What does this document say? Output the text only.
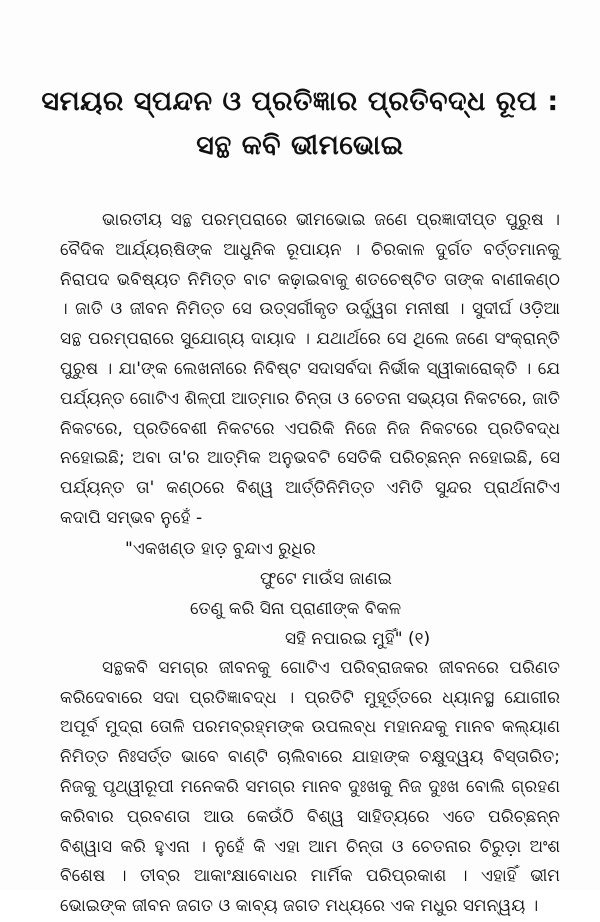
ସମୟର ସ୍ପନ୍ଦନ ଓ ପ୍ରତିଜ୍ଞାର ପ୍ରତିବଦ୍ଧ ରୂପ :
ସନ୍ଥ କବି ଭୀମଭୋଇ

ଭାରତୀୟ ସନ୍ଥ ପରମ୍ପରାରେ ଭୀମଭୋଇ ଜଣେ ପ୍ରଜ୍ଞାଦୀପ୍ତ ପୁରୁଷ । ବୈଦିକ ଆର୍ଯ୍ୟଋଷିଙ୍କ ଆଧୁନିକ ରୂପାୟନ । ଚିରକାଳ ଦୁର୍ଗତ ବର୍ତ୍ତମାନକୁ ନିରାପଦ ଭବିଷ୍ୟତ ନିମିତ୍ତ ବାଟ କଢ଼ାଇବାକୁ ଶତଚେଷ୍ଟିତ ତାଙ୍କ ବାଣୀକଣ୍ଠ । ଜାତି ଓ ଜୀବନ ନିମିତ୍ତ ସେ ଉତ୍ସର୍ଗୀକୃତ ଉର୍ଦ୍ଧ୍ୱଗ ମନୀଷୀ । ସୁଦୀର୍ଘ ଓଡ଼ିଆ ସନ୍ଥ ପରମ୍ପରାରେ ସୁଯୋଗ୍ୟ ଦାୟାଦ । ଯଥାର୍ଥରେ ସେ ଥିଲେ ଜଣେ ସଂକ୍ରାନ୍ତି ପୁରୁଷ । ଯା'ଙ୍କ ଲେଖନୀରେ ନିବିଷ୍ଟ ସଦାସର୍ବଦା ନିର୍ଭୀକ ସ୍ୱୀକାରୋକ୍ତି । ଯେ ପର୍ଯ୍ୟନ୍ତ ଗୋଟିଏ ଶିଳ୍ପୀ ଆତ୍ମାର ଚିନ୍ତା ଓ ଚେତନା ସଭ୍ୟତା ନିକଟରେ, ଜାତି ନିକଟରେ, ପ୍ରତିବେଶୀ ନିକଟରେ ଏପରିକି ନିଜେ ନିଜ ନିକଟରେ ପ୍ରତିବଦ୍ଧ ନହୋଇଛି; ଅବା ତା'ର ଆତ୍ମିକ ଅନୁଭବଟି ସେତିକି ପରିଚ୍ଛନ୍ନ ନହୋଇଛି, ସେ ପର୍ଯ୍ୟନ୍ତ ତା' କଣ୍ଠରେ ବିଶ୍ୱ ଆର୍ତ୍ତିନିମିତ୍ତ ଏମିତି ସୁନ୍ଦର ପ୍ରାର୍ଥନାଟିଏ କଦାପି ସମ୍ଭବ ନୁହେଁ -

"ଏକଖଣ୍ଡ ହାଡ଼ ବୁନ୍ଦାଏ ରୁଧିର
ଫୁଟେ ମାଉଁସ ଜାଣଇ
ତେଣୁ କରି ସିନା ପ୍ରାଣୀଙ୍କ ବିକଳ
ସହି ନପାରଇ ମୁହିଁ" (୧)

ସନ୍ଥକବି ସମଗ୍ର ଜୀବନକୁ ଗୋଟିଏ ପରିବ୍ରାଜକର ଜୀବନରେ ପରିଣତ କରିଦେବାରେ ସଦା ପ୍ରତିଜ୍ଞାବଦ୍ଧ । ପ୍ରତିଟି ମୁହୂର୍ତ୍ତରେ ଧ୍ୟାନସ୍ଥ ଯୋଗୀର ଅପୂର୍ବ ମୁଦ୍ରା ତୋଳି ପରମବ୍ରହ୍ମଙ୍କ ଉପଲବ୍ଧ ମହାନନ୍ଦକୁ ମାନବ କଲ୍ୟାଣ ନିମିତ୍ତ ନିଃସର୍ତ୍ତ ଭାବେ ବାଣ୍ଟି ଚାଲିବାରେ ଯାହାଙ୍କ ଚକ୍ଷୁଦ୍ୱୟ ବିସ୍ତାରିତ; ନିଜକୁ ପୃଥ୍ୱୀରୂପୀ ମନେକରି ସମଗ୍ର ମାନବ ଦୁଃଖକୁ ନିଜ ଦୁଃଖ ବୋଲି ଗ୍ରହଣ କରିବାର ପ୍ରବଣତା ଆଉ କେଉଁଠି ବିଶ୍ୱ ସାହିତ୍ୟରେ ଏତେ ପରିଚ୍ଛନ୍ନ ବିଶ୍ୱାସ କରି ହୁଏନା । ନୁହେଁ କି ଏହା ଆମ ଚିନ୍ତା ଓ ଚେତନାର ଚିରୁଡ଼ା ଅଂଶ ବିଶେଷ । ତୀବ୍ର ଆକାଂକ୍ଷାବୋଧର ମାର୍ମିକ ପରିପ୍ରକାଶ । ଏହାହିଁ ଭୀମ ଭୋଇଙ୍କ ଜୀବନ ଜଗତ ଓ କାବ୍ୟ ଜଗତ ମଧ୍ୟରେ ଏକ ମଧୁର ସମନ୍ୱୟ ।
